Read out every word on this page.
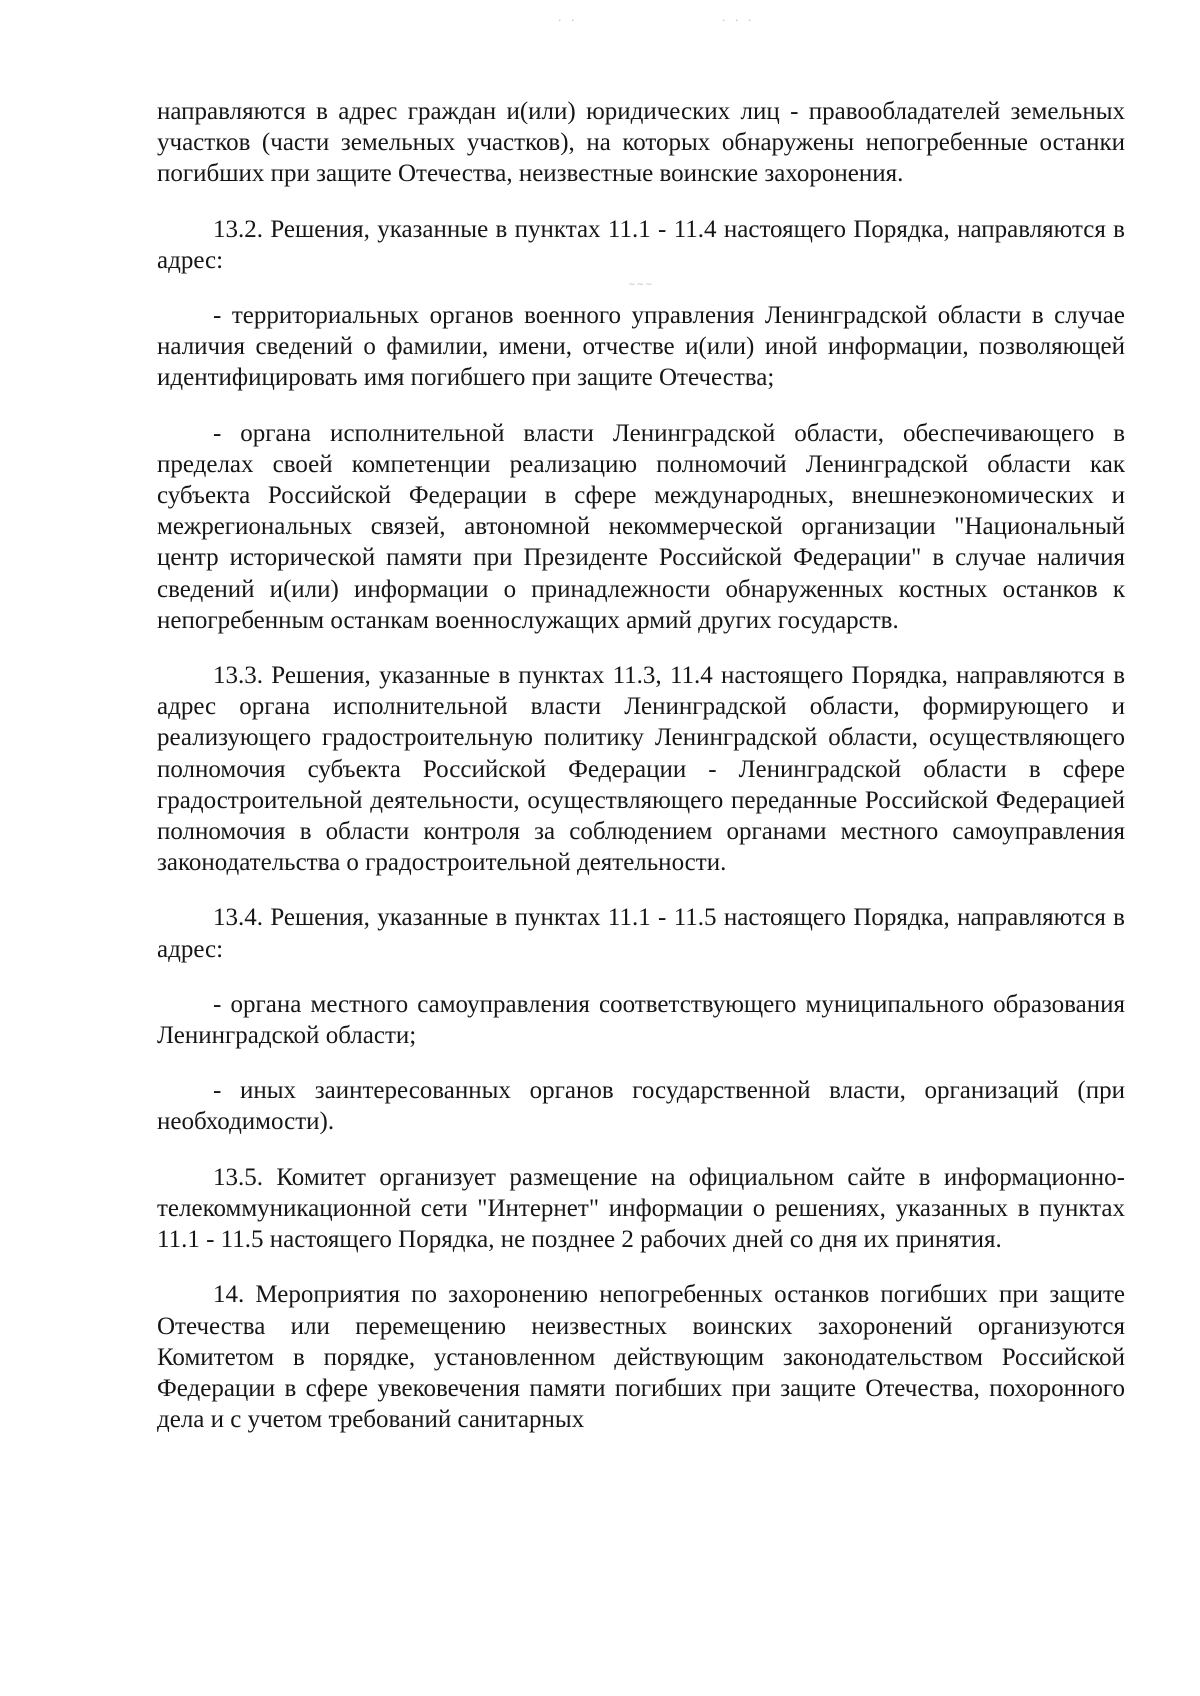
· ·	· · ·
~~~

направляются в адрес граждан и(или) юридических лиц - правообладателей земельных участков (части земельных участков), на которых обнаружены непогребенные останки погибших при защите Отечества, неизвестные воинские захоронения.

13.2. Решения, указанные в пунктах 11.1 - 11.4 настоящего Порядка, направляются в адрес:

- территориальных органов военного управления Ленинградской области в случае наличия сведений о фамилии, имени, отчестве и(или) иной информации, позволяющей идентифицировать имя погибшего при защите Отечества;

- органа исполнительной власти Ленинградской области, обеспечивающего в пределах своей компетенции реализацию полномочий Ленинградской области как субъекта Российской Федерации в сфере международных, внешнеэкономических и межрегиональных связей, автономной некоммерческой организации "Национальный центр исторической памяти при Президенте Российской Федерации" в случае наличия сведений и(или) информации о принадлежности обнаруженных костных останков к непогребенным останкам военнослужащих армий других государств.

13.3. Решения, указанные в пунктах 11.3, 11.4 настоящего Порядка, направляются в адрес органа исполнительной власти Ленинградской области, формирующего и реализующего градостроительную политику Ленинградской области, осуществляющего полномочия субъекта Российской Федерации - Ленинградской области в сфере градостроительной деятельности, осуществляющего переданные Российской Федерацией полномочия в области контроля за соблюдением органами местного самоуправления законодательства о градостроительной деятельности.

13.4. Решения, указанные в пунктах 11.1 - 11.5 настоящего Порядка, направляются в адрес:

- органа местного самоуправления соответствующего муниципального образования Ленинградской области;

- иных заинтересованных органов государственной власти, организаций (при необходимости).

13.5. Комитет организует размещение на официальном сайте в информационно-телекоммуникационной сети "Интернет" информации о решениях, указанных в пунктах 11.1 - 11.5 настоящего Порядка, не позднее 2 рабочих дней со дня их принятия.

14. Мероприятия по захоронению непогребенных останков погибших при защите Отечества или перемещению неизвестных воинских захоронений организуются Комитетом в порядке, установленном действующим законодательством Российской Федерации в сфере увековечения памяти погибших при защите Отечества, похоронного дела и с учетом требований санитарных
